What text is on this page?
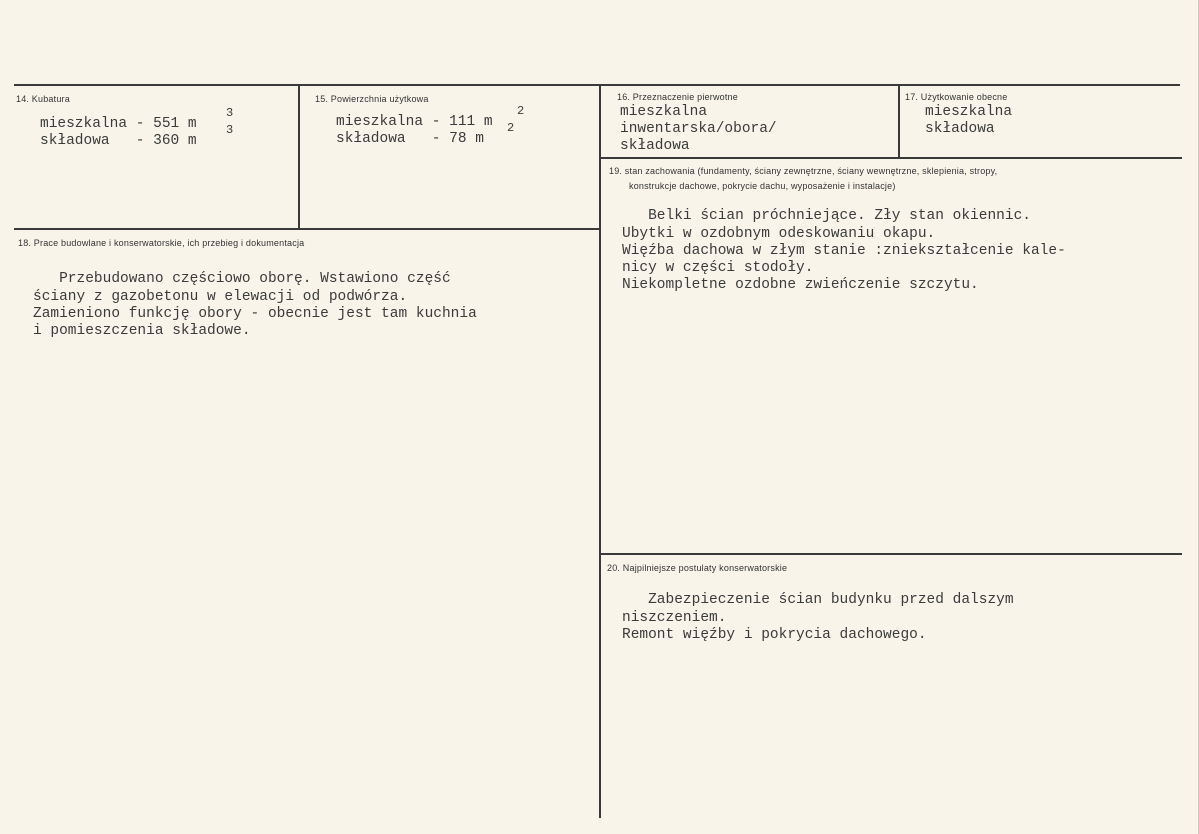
14. Kubatura
mieszkalna - 551 m
3
składowa   - 360 m
3
15. Powierzchnia użytkowa
mieszkalna - 111 m
2
składowa   - 78 m
2
16. Przeznaczenie pierwotne
mieszkalna
inwentarska/obora/
składowa
17. Użytkowanie obecne
mieszkalna
składowa
19. stan zachowania (fundamenty, ściany zewnętrzne, ściany wewnętrzne, sklepienia, stropy,
konstrukcje dachowe, pokrycie dachu, wyposażenie i instalacje)
Belki ścian próchniejące. Zły stan okiennic.
Ubytki w ozdobnym odeskowaniu okapu.
Więźba dachowa w złym stanie :zniekształcenie kale-
nicy w części stodoły.
Niekompletne ozdobne zwieńczenie szczytu.
18. Prace budowlane i konserwatorskie, ich przebieg i dokumentacja
Przebudowano częściowo oborę. Wstawiono część
ściany z gazobetonu w elewacji od podwórza.
Zamieniono funkcję obory - obecnie jest tam kuchnia
i pomieszczenia składowe.
20. Najpilniejsze postulaty konserwatorskie
Zabezpieczenie ścian budynku przed dalszym
niszczeniem.
Remont więźby i pokrycia dachowego.
